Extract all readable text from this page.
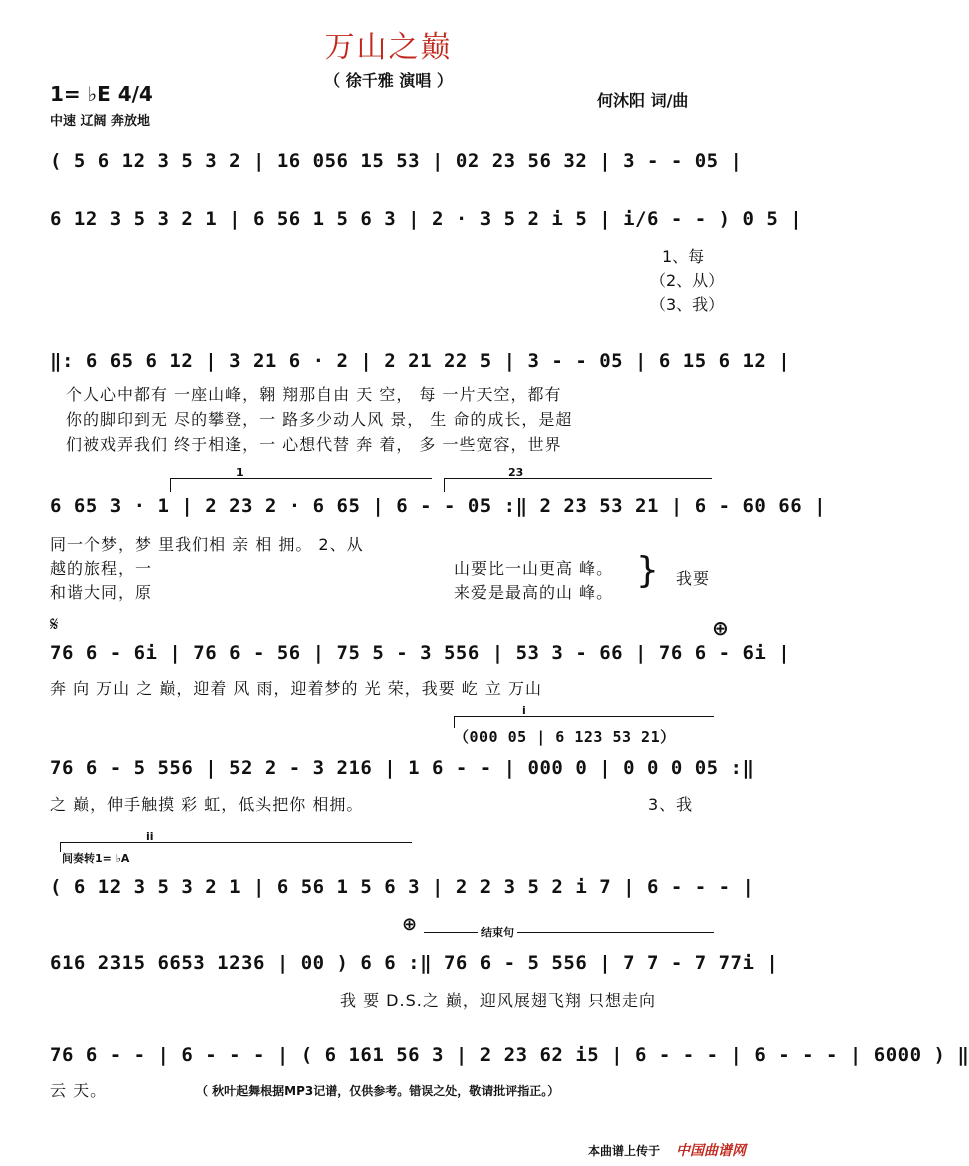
万山之巅
（ 徐千雅 演唱 ）
1= ♭E 4/4
中速 辽阔 奔放地
何沐阳 词/曲
( 5 6 12 3 5 3 2 | 16 056 15 53 | 02 23 56 32 | 3 - - 05 |
6 12 3 5 3 2 1 | 6 56 1 5 6 3 | 2 · 3 5 2 i 5 | i/6 - - ) 0 5 |
1、每
（2、从）
（3、我）
‖: 6 65 6 12 | 3 21 6 · 2 | 2 21 22 5 | 3 - - 05 | 6 15 6 12 |
个人心中都有 一座山峰，翱 翔那自由 天 空， 每 一片天空，都有
你的脚印到无 尽的攀登，一 路多少动人风 景， 生 命的成长，是超
们被戏弄我们 终于相逢，一 心想代替 奔 着， 多 一些宽容，世界
1	23
6 65 3 · 1 | 2 23 2 · 6 65 | 6 - - 05 :‖ 2 23 53 21 | 6 - 60 66 |
同一个梦，梦 里我们相 亲 相 拥。 2、从
越的旅程，一
和谐大同，原
山要比一山更高 峰。
来爱是最高的山 峰。
} 我要
𝄋	⊕
76 6 - 6i | 76 6 - 56 | 75 5 - 3 556 | 53 3 - 66 | 76 6 - 6i |
奔 向 万山 之 巅，迎着 风 雨，迎着梦的 光 荣，我要 屹 立 万山
i
（000 05 | 6 123 53 21）
76 6 - 5 556 | 52 2 - 3 216 | 1 6 - - | 000 0 | 0 0 0 05 :‖
之 巅，伸手触摸 彩 虹，低头把你 相拥。	3、我
ii
间奏转1= ♭A
( 6 12 3 5 3 2 1 | 6 56 1 5 6 3 | 2 2 3 5 2 i 7 | 6 - - - |
⊕	结束句
616 2315 6653 1236 | 00 ) 6 6 :‖ 76 6 - 5 556 | 7 7 - 7 77i |
我 要 D.S.之 巅，迎风展翅飞翔 只想走向
76 6 - - | 6 - - - | ( 6 161 56 3 | 2 23 62 i5 | 6 - - - | 6 - - - | 6000 ) ‖
云 天。	（ 秋叶起舞根据MP3记谱，仅供参考。错误之处，敬请批评指正。）
本曲谱上传于 中国曲谱网
